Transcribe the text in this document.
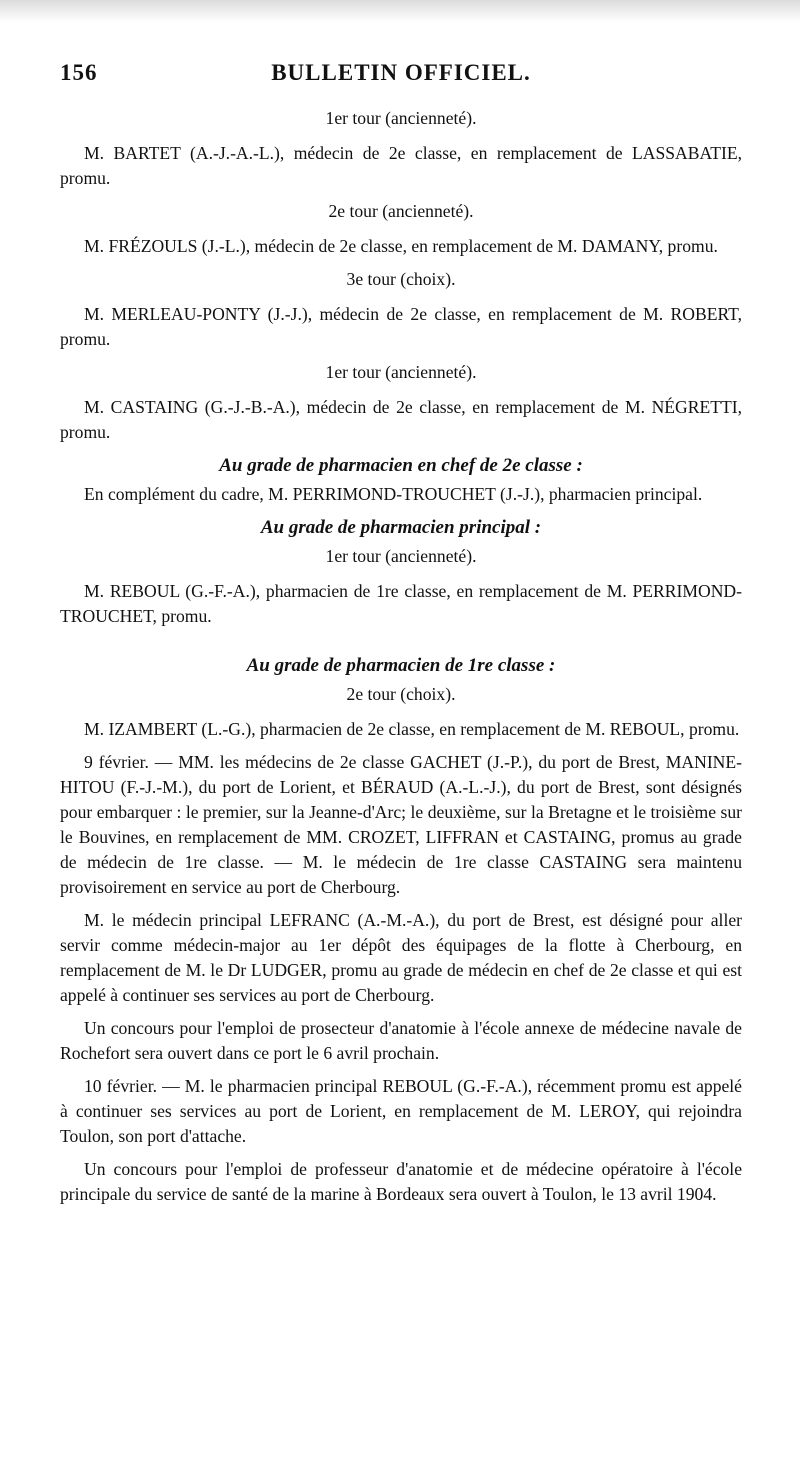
156	BULLETIN OFFICIEL.

1er tour (ancienneté).

M. BARTET (A.-J.-A.-L.), médecin de 2e classe, en remplacement de LASSABATIE, promu.

2e tour (ancienneté).

M. FRÉZOULS (J.-L.), médecin de 2e classe, en remplacement de M. DAMANY, promu.

3e tour (choix).

M. MERLEAU-PONTY (J.-J.), médecin de 2e classe, en remplacement de M. ROBERT, promu.

1er tour (ancienneté).

M. CASTAING (G.-J.-B.-A.), médecin de 2e classe, en remplacement de M. NÉGRETTI, promu.

Au grade de pharmacien en chef de 2e classe :

En complément du cadre, M. PERRIMOND-TROUCHET (J.-J.), pharmacien principal.

Au grade de pharmacien principal :

1er tour (ancienneté).

M. REBOUL (G.-F.-A.), pharmacien de 1re classe, en remplacement de M. PERRIMOND-TROUCHET, promu.

Au grade de pharmacien de 1re classe :

2e tour (choix).

M. IZAMBERT (L.-G.), pharmacien de 2e classe, en remplacement de M. REBOUL, promu.

9 février. — MM. les médecins de 2e classe GACHET (J.-P.), du port de Brest, MANINE-HITOU (F.-J.-M.), du port de Lorient, et BÉRAUD (A.-L.-J.), du port de Brest, sont désignés pour embarquer : le premier, sur la Jeanne-d'Arc; le deuxième, sur la Bretagne et le troisième sur le Bouvines, en remplacement de MM. CROZET, LIFFRAN et CASTAING, promus au grade de médecin de 1re classe. — M. le médecin de 1re classe CASTAING sera maintenu provisoirement en service au port de Cherbourg.

M. le médecin principal LEFRANC (A.-M.-A.), du port de Brest, est désigné pour aller servir comme médecin-major au 1er dépôt des équipages de la flotte à Cherbourg, en remplacement de M. le Dr LUDGER, promu au grade de médecin en chef de 2e classe et qui est appelé à continuer ses services au port de Cherbourg.

Un concours pour l'emploi de prosecteur d'anatomie à l'école annexe de médecine navale de Rochefort sera ouvert dans ce port le 6 avril prochain.

10 février. — M. le pharmacien principal REBOUL (G.-F.-A.), récemment promu est appelé à continuer ses services au port de Lorient, en remplacement de M. LEROY, qui rejoindra Toulon, son port d'attache.

Un concours pour l'emploi de professeur d'anatomie et de médecine opératoire à l'école principale du service de santé de la marine à Bordeaux sera ouvert à Toulon, le 13 avril 1904.
